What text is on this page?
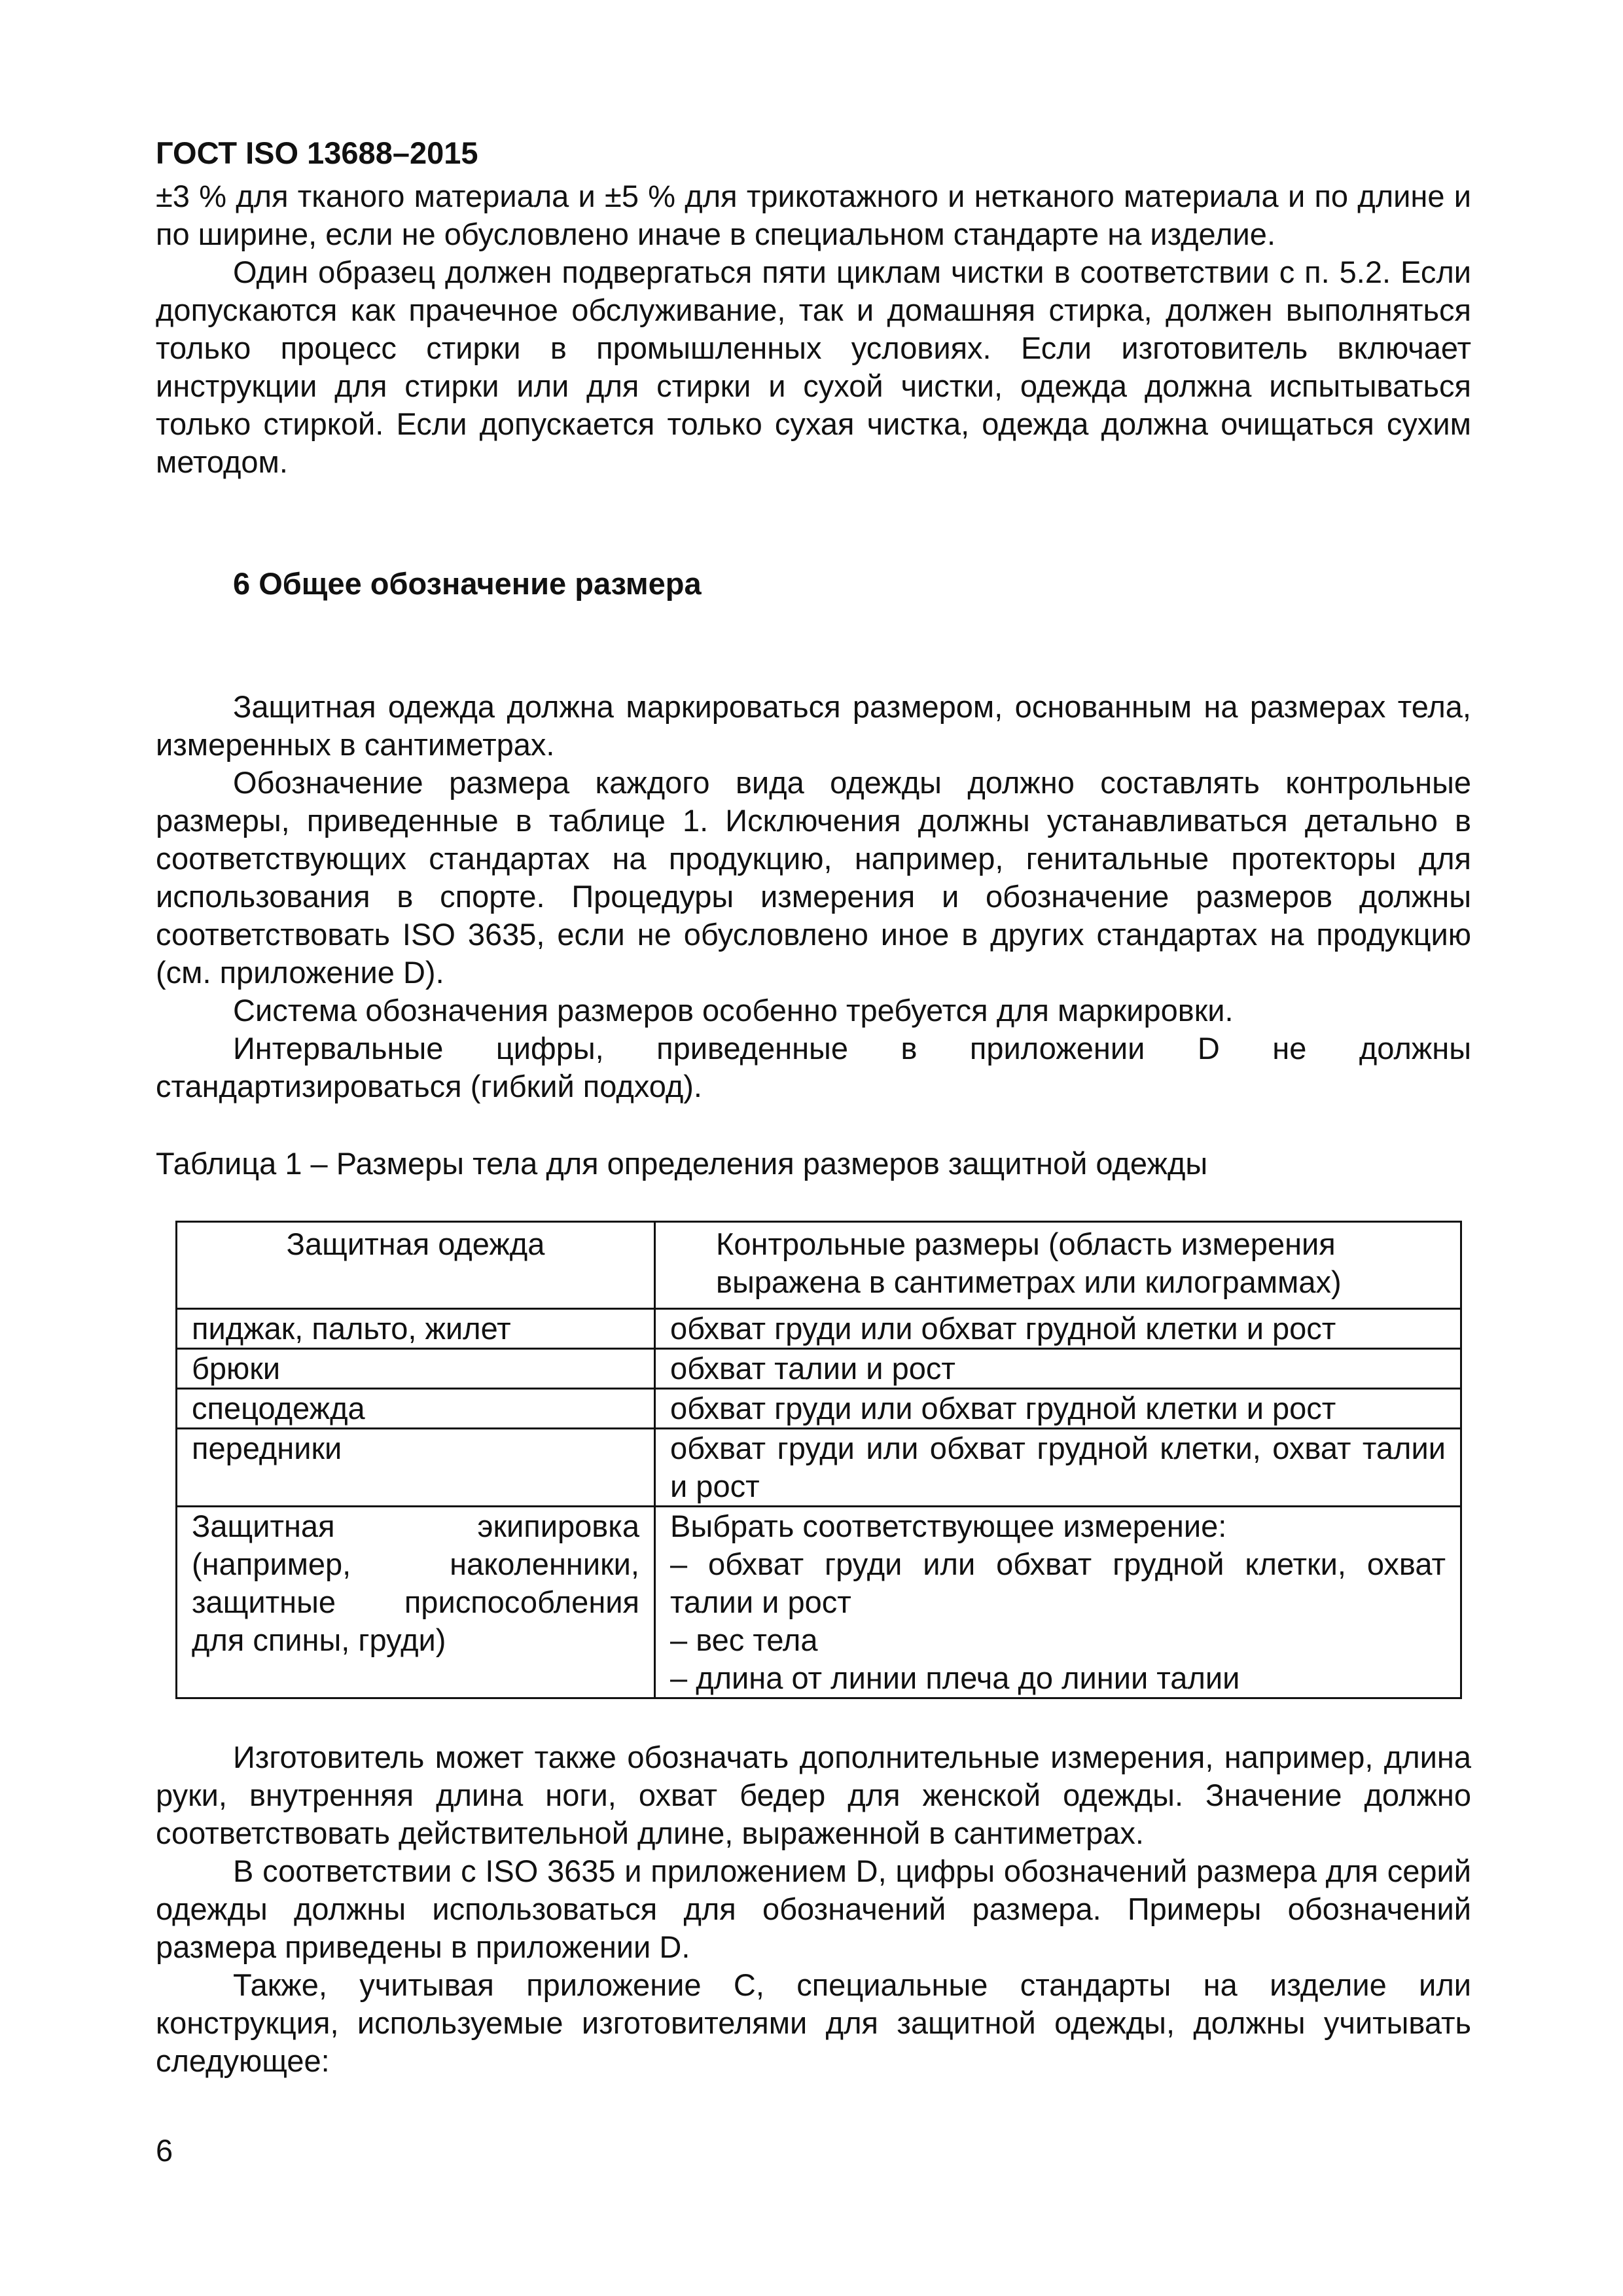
ГОСТ ISO 13688–2015

±3 % для тканого материала и ±5 % для трикотажного и нетканого материала и по длине и по ширине, если не обусловлено иначе в специальном стандарте на изделие.

Один образец должен подвергаться пяти циклам чистки в соответствии с п. 5.2. Если допускаются как прачечное обслуживание, так и домашняя стирка, должен выполняться только процесс стирки в промышленных условиях. Если изготовитель включает инструкции для стирки или для стирки и сухой чистки, одежда должна испытываться только стиркой. Если допускается только сухая чистка, одежда должна очищаться сухим методом.

6 Общее обозначение размера

Защитная одежда должна маркироваться размером, основанным на размерах тела, измеренных в сантиметрах.

Обозначение размера каждого вида одежды должно составлять контрольные размеры, приведенные в таблице 1. Исключения должны устанавливаться детально в соответствующих стандартах на продукцию, например, генитальные протекторы для использования в спорте. Процедуры измерения и обозначение размеров должны соответствовать ISO 3635, если не обусловлено иное в других стандартах на продукцию (см. приложение D).

Система обозначения размеров особенно требуется для маркировки.

Интервальные цифры, приведенные в приложении D не должны стандартизироваться (гибкий подход).

Таблица 1 – Размеры тела для определения размеров защитной одежды
Защитная одежда	Контрольные размеры (область измерения
выражена в сантиметрах или килограммах)

пиджак, пальто, жилет	обхват груди или обхват грудной клетки и рост
брюки	обхват талии и рост
спецодежда	обхват груди или обхват грудной клетки и рост
передники	обхват груди или обхват грудной клетки, охват талии и рост
Защитная экипировка (например, наколенники, защитные приспособления для спины, груди)	Выбрать соответствующее измерение:
– обхват груди или обхват грудной клетки, охват талии и рост
– вес тела
– длина от линии плеча до линии талии

Изготовитель может также обозначать дополнительные измерения, например, длина руки, внутренняя длина ноги, охват бедер для женской одежды. Значение должно соответствовать действительной длине, выраженной в сантиметрах.

В соответствии с ISO 3635 и приложением D, цифры обозначений размера для серий одежды должны использоваться для обозначений размера. Примеры обозначений размера приведены в приложении D.

Также, учитывая приложение C, специальные стандарты на изделие или конструкция, используемые изготовителями для защитной одежды, должны учитывать следующее:

6
